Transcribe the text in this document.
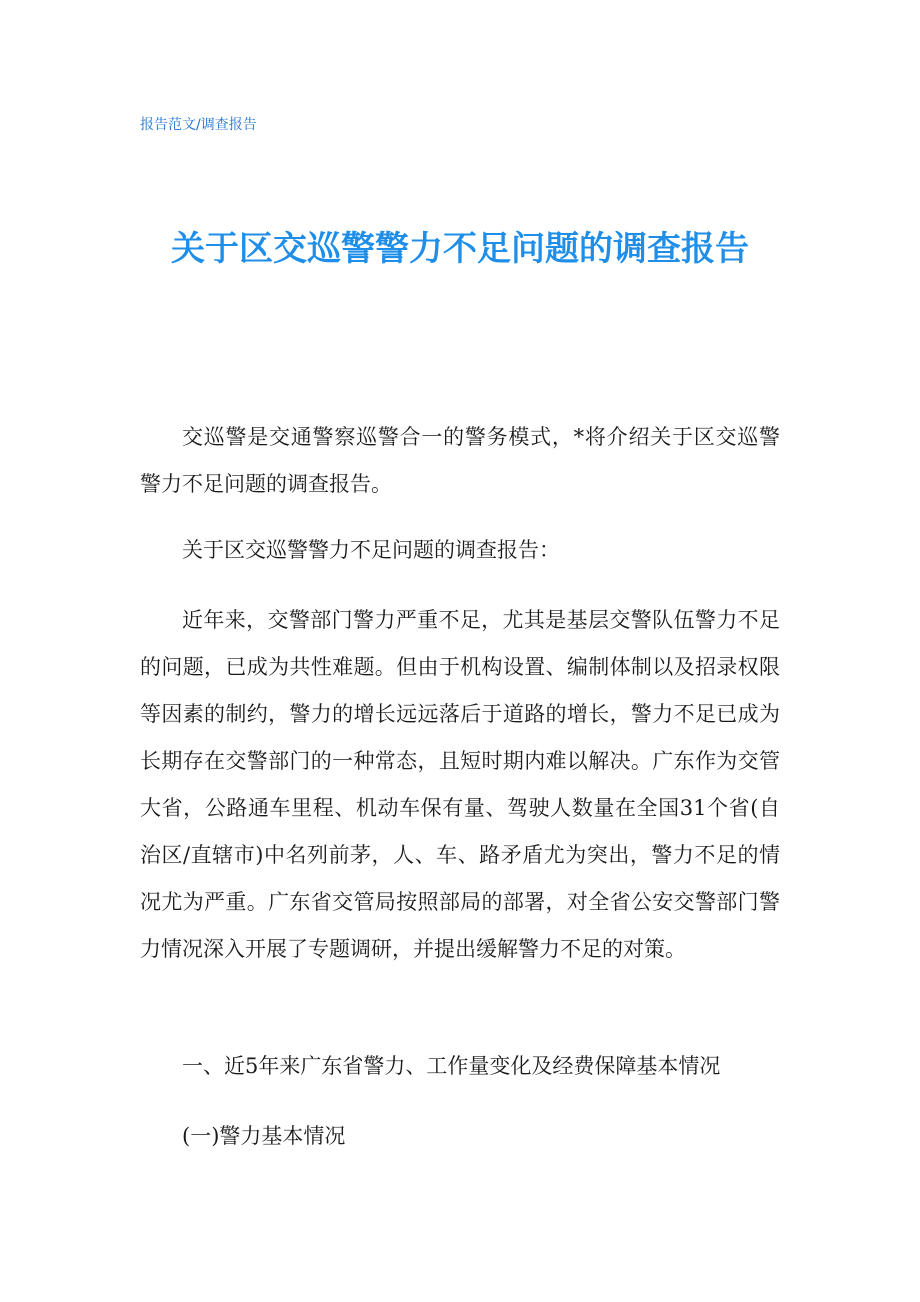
报告范文/调查报告
关于区交巡警警力不足问题的调查报告

交巡警是交通警察巡警合一的警务模式，*将介绍关于区交巡警警力不足问题的调查报告。

关于区交巡警警力不足问题的调查报告：

近年来，交警部门警力严重不足，尤其是基层交警队伍警力不足的问题，已成为共性难题。但由于机构设置、编制体制以及招录权限等因素的制约，警力的增长远远落后于道路的增长，警力不足已成为长期存在交警部门的一种常态，且短时期内难以解决。广东作为交管大省，公路通车里程、机动车保有量、驾驶人数量在全国31个省(自治区/直辖市)中名列前茅，人、车、路矛盾尤为突出，警力不足的情况尤为严重。广东省交管局按照部局的部署，对全省公安交警部门警力情况深入开展了专题调研，并提出缓解警力不足的对策。

一、近5年来广东省警力、工作量变化及经费保障基本情况

(一)警力基本情况
